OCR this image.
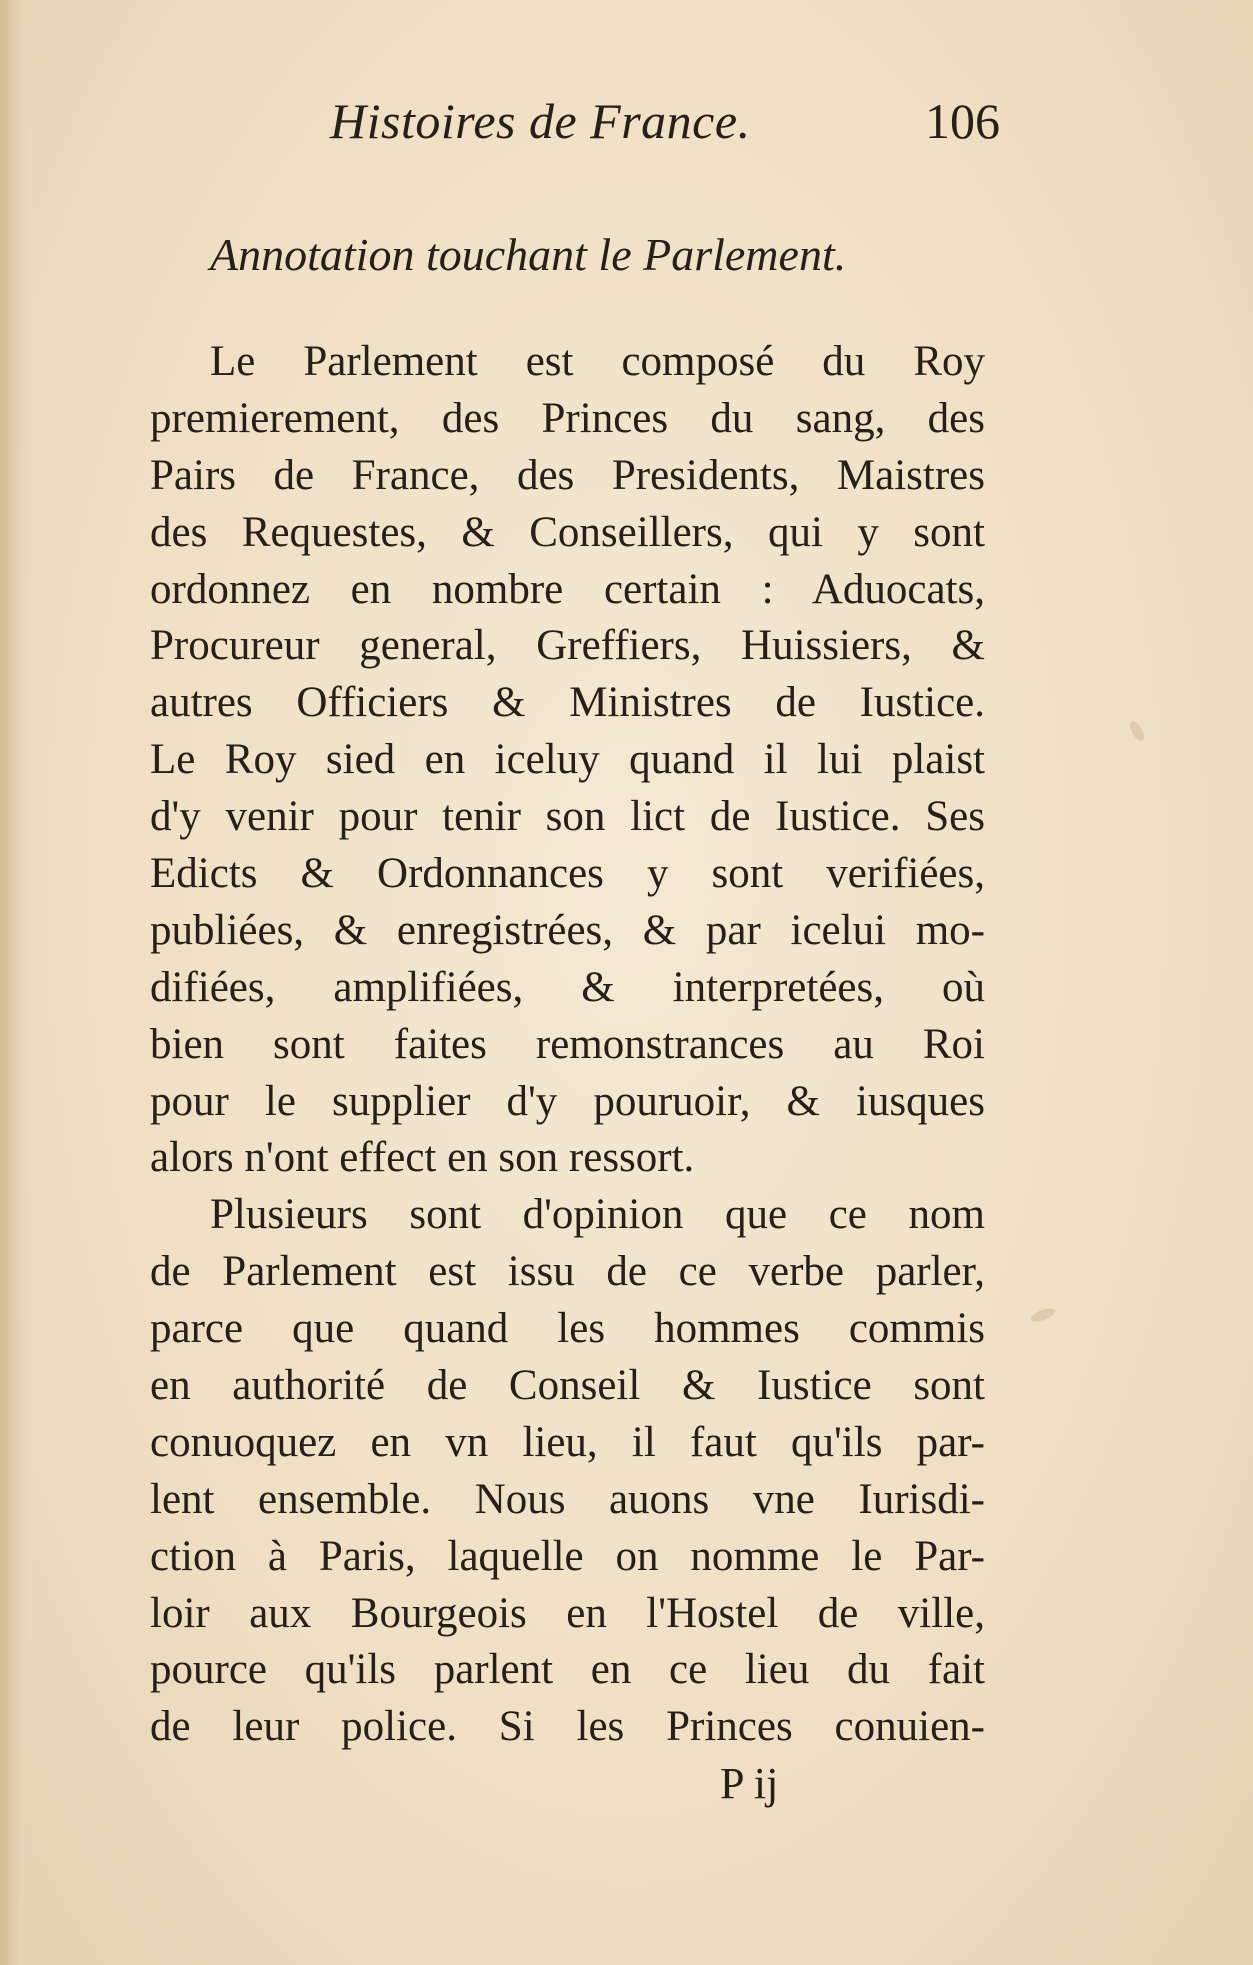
Histoires de France.	106
Annotation touchant le Parlement.
Le Parlement est composé du Roy
premierement, des Princes du sang, des
Pairs de France, des Presidents, Maistres
des Requestes, & Conseillers, qui y sont
ordonnez en nombre certain : Aduocats,
Procureur general, Greffiers, Huissiers, &
autres Officiers & Ministres de Iustice.
Le Roy sied en iceluy quand il lui plaist
d'y venir pour tenir son lict de Iustice. Ses
Edicts & Ordonnances y sont verifiées,
publiées, & enregistrées, & par icelui mo-
difiées, amplifiées, & interpretées, où
bien sont faites remonstrances au Roi
pour le supplier d'y pouruoir, & iusques
alors n'ont effect en son ressort.
Plusieurs sont d'opinion que ce nom
de Parlement est issu de ce verbe parler,
parce que quand les hommes commis
en authorité de Conseil & Iustice sont
conuoquez en vn lieu, il faut qu'ils par-
lent ensemble. Nous auons vne Iurisdi-
ction à Paris, laquelle on nomme le Par-
loir aux Bourgeois en l'Hostel de ville,
pource qu'ils parlent en ce lieu du fait
de leur police. Si les Princes conuien-
P ij
